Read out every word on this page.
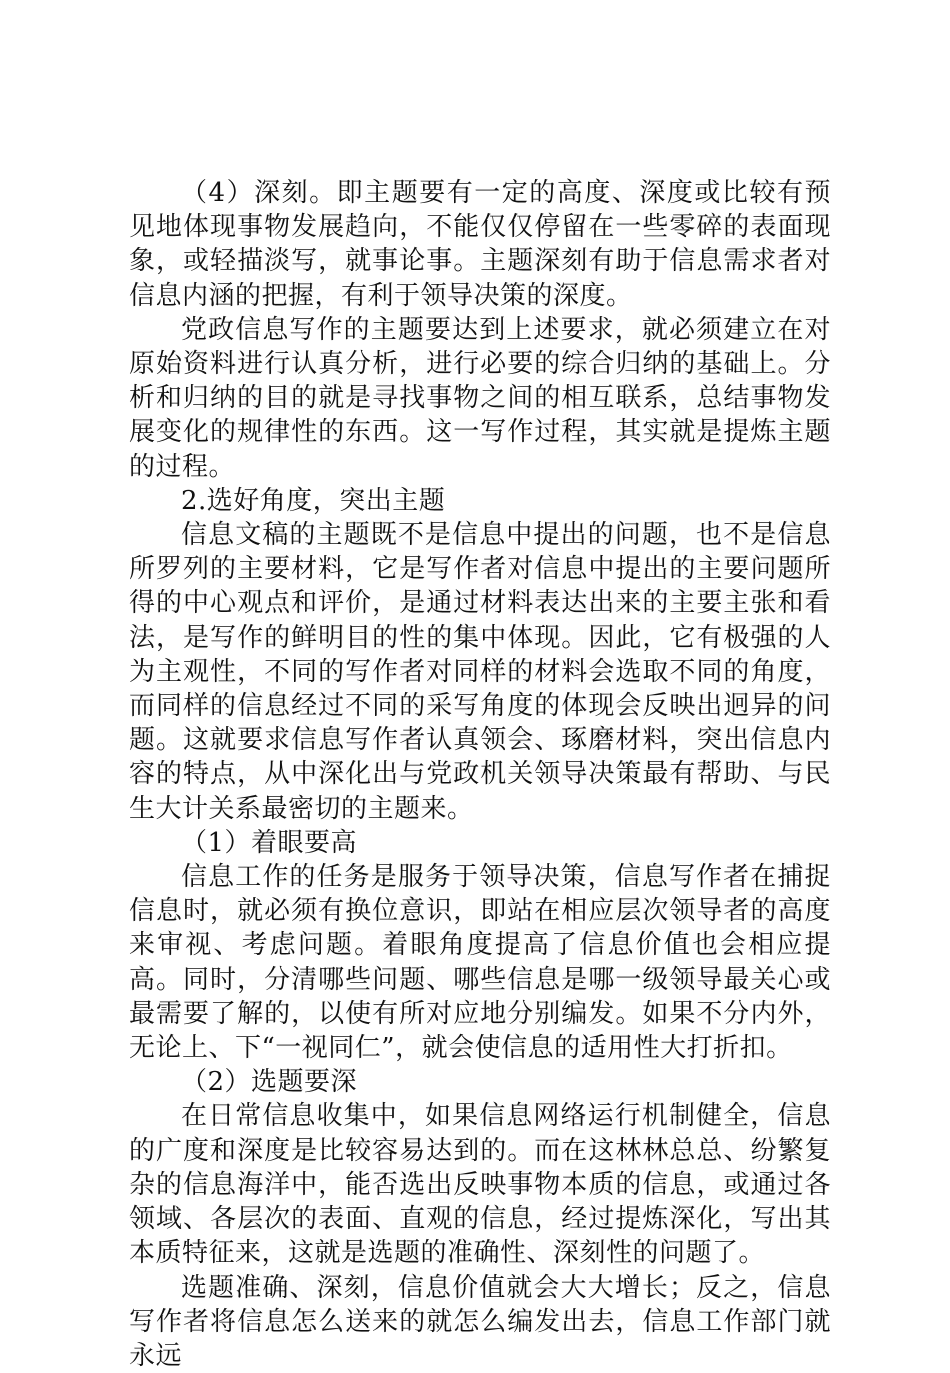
（4）深刻。即主题要有一定的高度、深度或比较有预见地体现事物发展趋向，不能仅仅停留在一些零碎的表面现象，或轻描淡写，就事论事。主题深刻有助于信息需求者对信息内涵的把握，有利于领导决策的深度。

党政信息写作的主题要达到上述要求，就必须建立在对原始资料进行认真分析，进行必要的综合归纳的基础上。分析和归纳的目的就是寻找事物之间的相互联系，总结事物发展变化的规律性的东西。这一写作过程，其实就是提炼主题的过程。

2.选好角度，突出主题

信息文稿的主题既不是信息中提出的问题，也不是信息所罗列的主要材料，它是写作者对信息中提出的主要问题所得的中心观点和评价，是通过材料表达出来的主要主张和看法，是写作的鲜明目的性的集中体现。因此，它有极强的人为主观性，不同的写作者对同样的材料会选取不同的角度，而同样的信息经过不同的采写角度的体现会反映出迥异的问题。这就要求信息写作者认真领会、琢磨材料，突出信息内容的特点，从中深化出与党政机关领导决策最有帮助、与民生大计关系最密切的主题来。

（1）着眼要高

信息工作的任务是服务于领导决策，信息写作者在捕捉信息时，就必须有换位意识，即站在相应层次领导者的高度来审视、考虑问题。着眼角度提高了信息价值也会相应提高。同时，分清哪些问题、哪些信息是哪一级领导最关心或最需要了解的，以使有所对应地分别编发。如果不分内外，无论上、下“一视同仁”，就会使信息的适用性大打折扣。

（2）选题要深

在日常信息收集中，如果信息网络运行机制健全，信息的广度和深度是比较容易达到的。而在这林林总总、纷繁复杂的信息海洋中，能否选出反映事物本质的信息，或通过各领域、各层次的表面、直观的信息，经过提炼深化，写出其本质特征来，这就是选题的准确性、深刻性的问题了。

选题准确、深刻，信息价值就会大大增长；反之，信息写作者将信息怎么送来的就怎么编发出去，信息工作部门就永远
